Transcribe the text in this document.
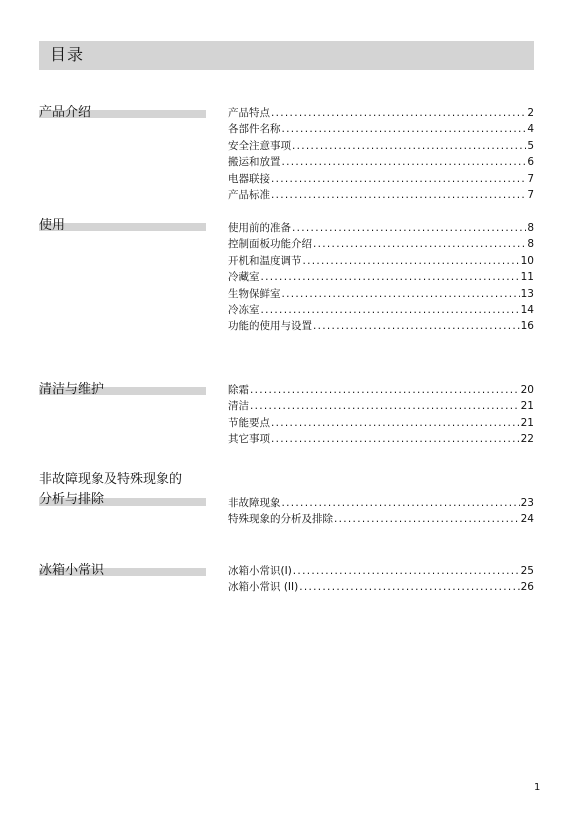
目录
产品介绍	产品特点 .....	2
各部件名称 .....	4
安全注意事项 .....	5
搬运和放置 .....	6
电器联接 .....	7
产品标准 .....	7
使用	使用前的准备 .....	8
控制面板功能介绍 .....	8
开机和温度调节 .....	10
冷藏室 .....	11
生物保鲜室 .....	13
冷冻室 .....	14
功能的使用与设置 .....	16
清洁与维护	除霜 .....	20
清洁 .....	21
节能要点 .....	21
其它事项 .....	22
非故障现象及特殊现象的
分析与排除	非故障现象 .....	23
特殊现象的分析及排除 .....	24
冰箱小常识	冰箱小常识(I) .....	25
冰箱小常识 (II) .....	26
1
